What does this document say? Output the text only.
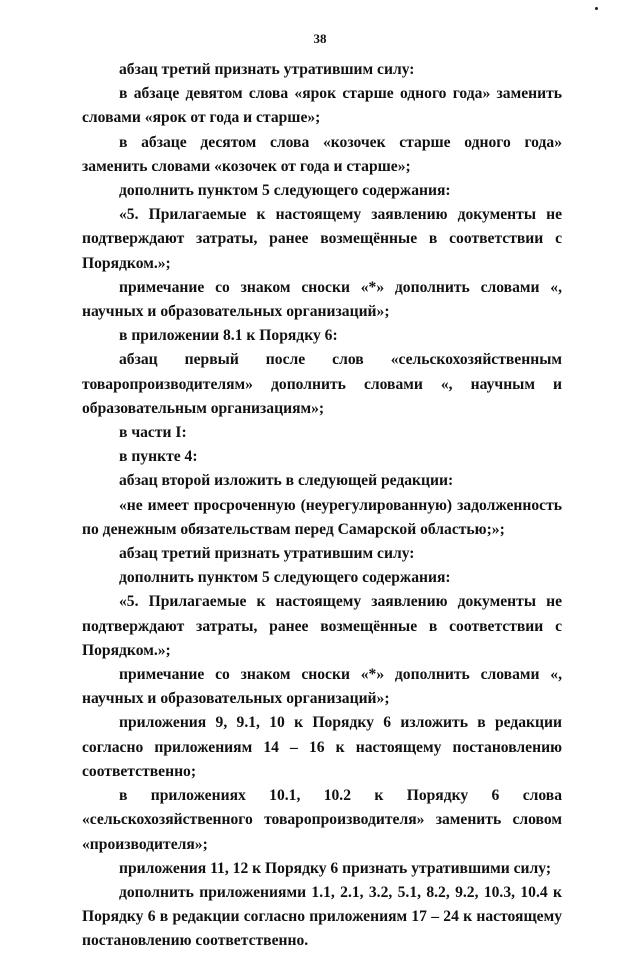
38

абзац третий признать утратившим силу:

в абзаце девятом слова «ярок старше одного года» заменить словами «ярок от года и старше»;

в абзаце десятом слова «козочек старше одного года» заменить словами «козочек от года и старше»;

дополнить пунктом 5 следующего содержания:

«5. Прилагаемые к настоящему заявлению документы не подтверждают затраты, ранее возмещённые в соответствии с Порядком.»;

примечание со знаком сноски «*» дополнить словами «, научных и образовательных организаций»;

в приложении 8.1 к Порядку 6:

абзац первый после слов «сельскохозяйственным товаропроизводителям» дополнить словами «, научным и образовательным организациям»;

в части I:

в пункте 4:

абзац второй изложить в следующей редакции:

«не имеет просроченную (неурегулированную) задолженность по денежным обязательствам перед Самарской областью;»;

абзац третий признать утратившим силу:

дополнить пунктом 5 следующего содержания:

«5. Прилагаемые к настоящему заявлению документы не подтверждают затраты, ранее возмещённые в соответствии с Порядком.»;

примечание со знаком сноски «*» дополнить словами «, научных и образовательных организаций»;

приложения 9, 9.1, 10 к Порядку 6 изложить в редакции согласно приложениям 14 – 16 к настоящему постановлению соответственно;

в приложениях 10.1, 10.2 к Порядку 6 слова «сельскохозяйственного товаропроизводителя» заменить словом «производителя»;

приложения 11, 12 к Порядку 6 признать утратившими силу;

дополнить приложениями 1.1, 2.1, 3.2, 5.1, 8.2, 9.2, 10.3, 10.4 к Порядку 6 в редакции согласно приложениям 17 – 24 к настоящему постановлению соответственно.
